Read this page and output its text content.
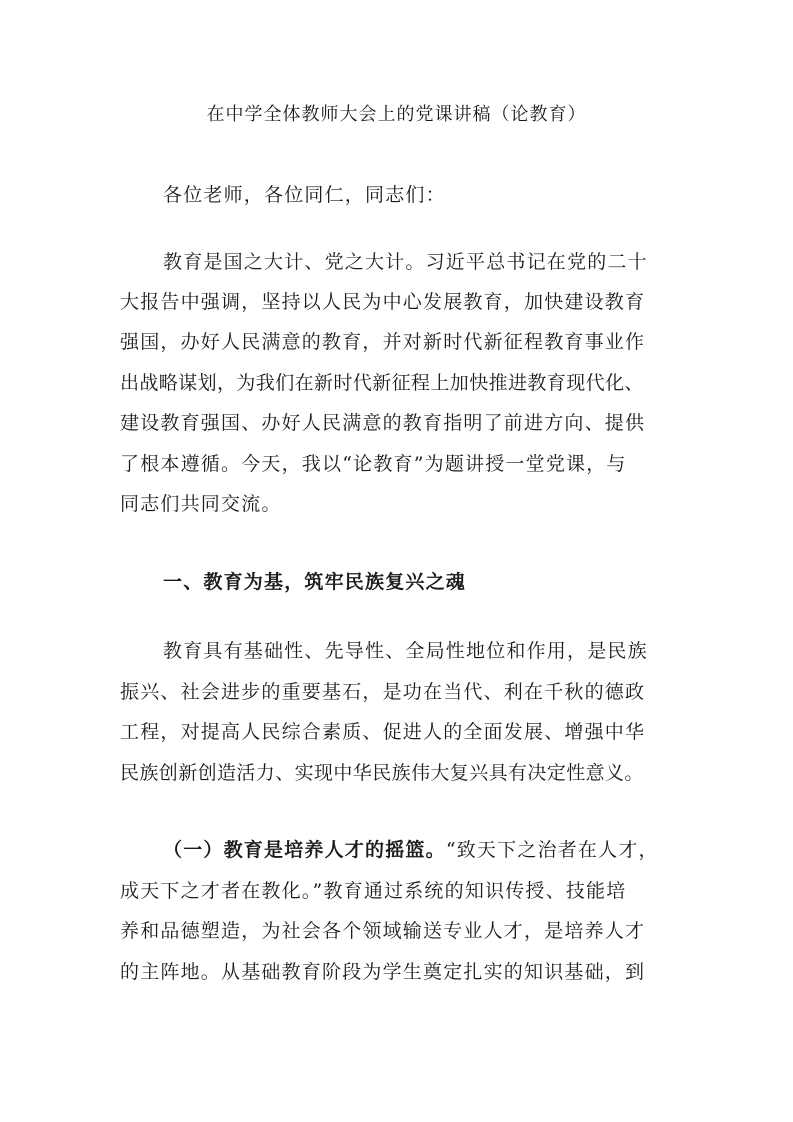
在中学全体教师大会上的党课讲稿（论教育）
各位老师，各位同仁，同志们：
教育是国之大计、党之大计。习近平总书记在党的二十
大报告中强调，坚持以人民为中心发展教育，加快建设教育
强国，办好人民满意的教育，并对新时代新征程教育事业作
出战略谋划，为我们在新时代新征程上加快推进教育现代化、
建设教育强国、办好人民满意的教育指明了前进方向、提供
了根本遵循。今天，我以“论教育”为题讲授一堂党课，与
同志们共同交流。
一、教育为基，筑牢民族复兴之魂
教育具有基础性、先导性、全局性地位和作用，是民族
振兴、社会进步的重要基石，是功在当代、利在千秋的德政
工程，对提高人民综合素质、促进人的全面发展、增强中华
民族创新创造活力、实现中华民族伟大复兴具有决定性意义。
（一）教育是培养人才的摇篮。“致天下之治者在人才，
成天下之才者在教化。”教育通过系统的知识传授、技能培
养和品德塑造，为社会各个领域输送专业人才，是培养人才
的主阵地。从基础教育阶段为学生奠定扎实的知识基础，到
